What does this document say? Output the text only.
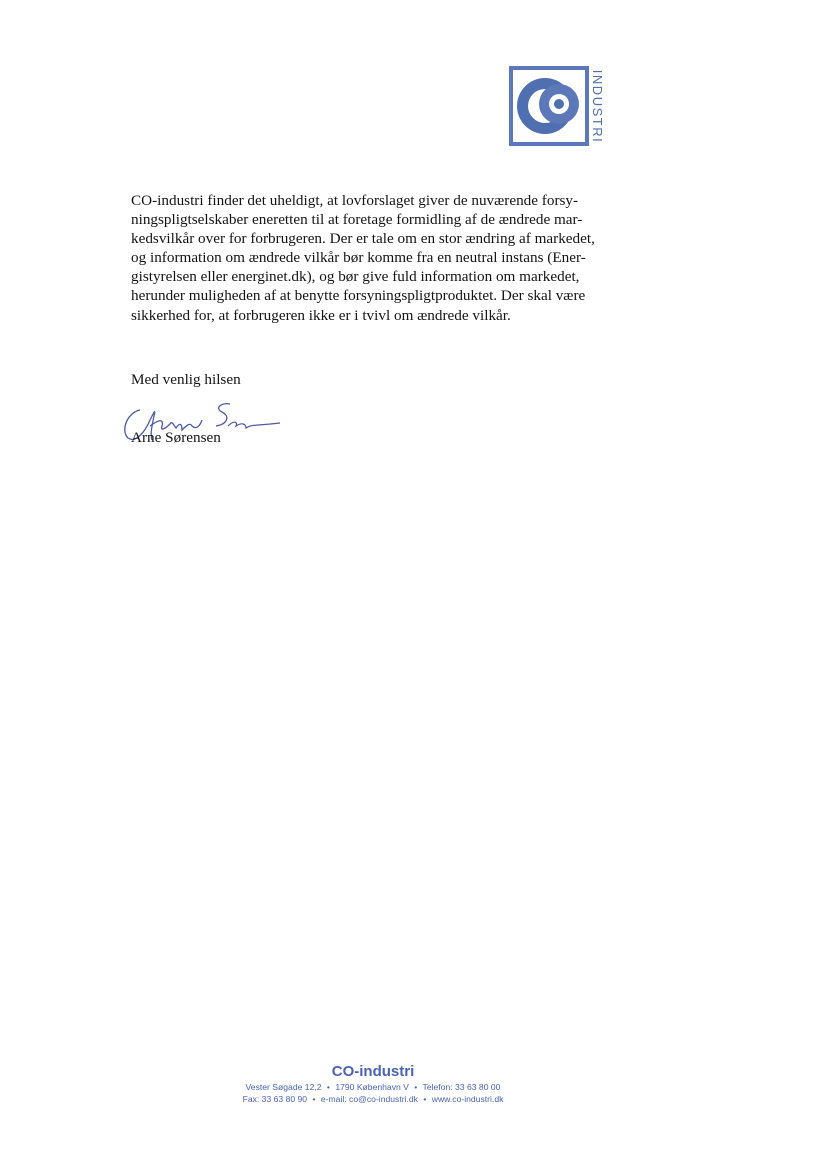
INDUSTRI

CO-industri finder det uheldigt, at lovforslaget giver de nuværende forsy-
ningspligtselskaber eneretten til at foretage formidling af de ændrede mar-
kedsvilkår over for forbrugeren. Der er tale om en stor ændring af markedet,
og information om ændrede vilkår bør komme fra en neutral instans (Ener-
gistyrelsen eller energinet.dk), og bør give fuld information om markedet,
herunder muligheden af at benytte forsyningspligtproduktet. Der skal være
sikkerhed for, at forbrugeren ikke er i tvivl om ændrede vilkår.

Med venlig hilsen
Arne Sørensen
CO-industri
Vester Søgade 12,2 • 1790 København V • Telefon: 33 63 80 00
Fax: 33 63 80 90 • e-mail: co@co-industri.dk • www.co-industri.dk
